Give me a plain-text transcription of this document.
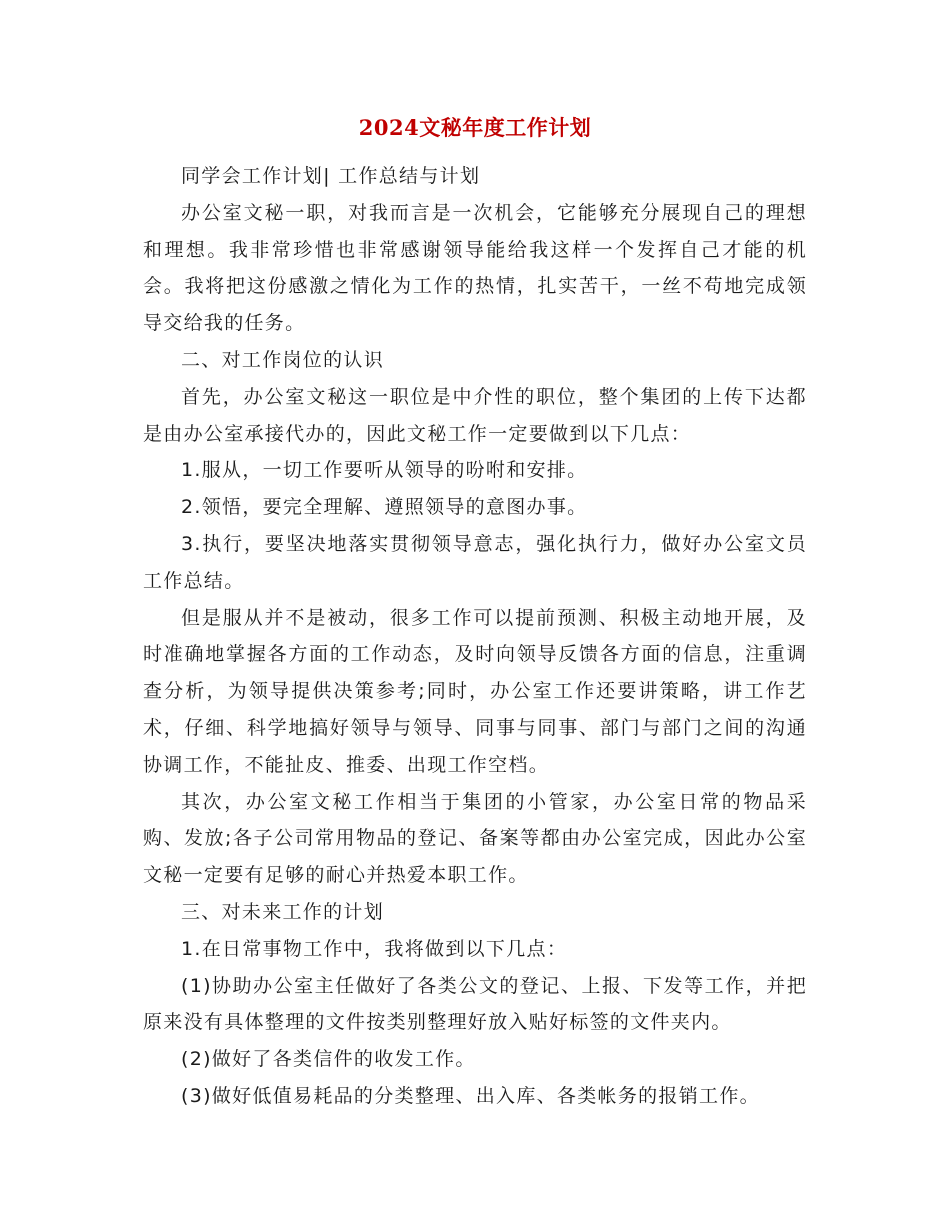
2024文秘年度工作计划

同学会工作计划| 工作总结与计划

办公室文秘一职，对我而言是一次机会，它能够充分展现自己的理想和理想。我非常珍惜也非常感谢领导能给我这样一个发挥自己才能的机会。我将把这份感激之情化为工作的热情，扎实苦干，一丝不苟地完成领导交给我的任务。

二、对工作岗位的认识

首先，办公室文秘这一职位是中介性的职位，整个集团的上传下达都是由办公室承接代办的，因此文秘工作一定要做到以下几点：

1.服从，一切工作要听从领导的吩咐和安排。

2.领悟，要完全理解、遵照领导的意图办事。

3.执行，要坚决地落实贯彻领导意志，强化执行力，做好办公室文员工作总结。

但是服从并不是被动，很多工作可以提前预测、积极主动地开展，及时准确地掌握各方面的工作动态，及时向领导反馈各方面的信息，注重调查分析，为领导提供决策参考;同时，办公室工作还要讲策略，讲工作艺术，仔细、科学地搞好领导与领导、同事与同事、部门与部门之间的沟通协调工作，不能扯皮、推委、出现工作空档。

其次，办公室文秘工作相当于集团的小管家，办公室日常的物品采购、发放;各子公司常用物品的登记、备案等都由办公室完成，因此办公室文秘一定要有足够的耐心并热爱本职工作。

三、对未来工作的计划

1.在日常事物工作中，我将做到以下几点：

(1)协助办公室主任做好了各类公文的登记、上报、下发等工作，并把原来没有具体整理的文件按类别整理好放入贴好标签的文件夹内。

(2)做好了各类信件的收发工作。

(3)做好低值易耗品的分类整理、出入库、各类帐务的报销工作。
